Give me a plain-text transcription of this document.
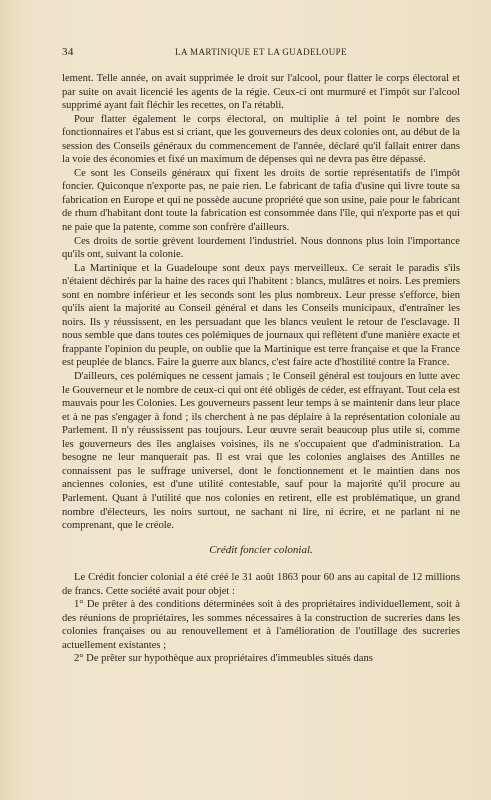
34	LA MARTINIQUE ET LA GUADELOUPE

lement. Telle année, on avait supprimée le droit sur l'alcool, pour flatter le corps électoral et par suite on avait licencié les agents de la régie. Ceux-ci ont murmuré et l'impôt sur l'alcool supprimé ayant fait fléchir les recettes, on l'a rétabli.

Pour flatter également le corps électoral, on multiplie à tel point le nombre des fonctionnaires et l'abus est si criant, que les gouverneurs des deux colonies ont, au début de la session des Conseils généraux du commencement de l'année, déclaré qu'il fallait entrer dans la voie des économies et fixé un maximum de dépenses qui ne devra pas être dépassé.

Ce sont les Conseils généraux qui fixent les droits de sortie représentatifs de l'impôt foncier. Quiconque n'exporte pas, ne paie rien. Le fabricant de tafia d'usine qui livre toute sa fabrication en Europe et qui ne possède aucune propriété que son usine, paie pour le fabricant de rhum d'habitant dont toute la fabrication est consommée dans l'île, qui n'exporte pas et qui ne paie que la patente, comme son confrère d'ailleurs.

Ces droits de sortie grèvent lourdement l'industriel. Nous donnons plus loin l'importance qu'ils ont, suivant la colonie.

La Martinique et la Guadeloupe sont deux pays merveilleux. Ce serait le paradis s'ils n'étaient déchirés par la haine des races qui l'habitent : blancs, mulâtres et noirs. Les premiers sont en nombre inférieur et les seconds sont les plus nombreux. Leur presse s'efforce, bien qu'ils aient la majorité au Conseil général et dans les Conseils municipaux, d'entraîner les noirs. Ils y réussissent, en les persuadant que les blancs veulent le retour de l'esclavage. Il nous semble que dans toutes ces polémiques de journaux qui reflètent d'une manière exacte et frappante l'opinion du peuple, on oublie que la Martinique est terre française et que la France est peuplée de blancs. Faire la guerre aux blancs, c'est faire acte d'hostilité contre la France.

D'ailleurs, ces polémiques ne cessent jamais ; le Conseil général est toujours en lutte avec le Gouverneur et le nombre de ceux-ci qui ont été obligés de céder, est effrayant. Tout cela est mauvais pour les Colonies. Les gouverneurs passent leur temps à se maintenir dans leur place et à ne pas s'engager à fond ; ils cherchent à ne pas déplaire à la représentation coloniale au Parlement. Il n'y réussissent pas toujours. Leur œuvre serait beaucoup plus utile si, comme les gouverneurs des îles anglaises voisines, ils ne s'occupaient que d'administration. La besogne ne leur manquerait pas. Il est vrai que les colonies anglaises des Antilles ne connaissent pas le suffrage universel, dont le fonctionnement et le maintien dans nos anciennes colonies, est d'une utilité contestable, sauf pour la majorité qu'il procure au Parlement. Quant à l'utilité que nos colonies en retirent, elle est problématique, un grand nombre d'électeurs, les noirs surtout, ne sachant ni lire, ni écrire, et ne parlant ni ne comprenant, que le créole.

Crédit foncier colonial.

Le Crédit foncier colonial a été créé le 31 août 1863 pour 60 ans au capital de 12 millions de francs. Cette société avait pour objet :

1° De prêter à des conditions déterminées soit à des propriétaires individuellement, soit à des réunions de propriétaires, les sommes nécessaires à la construction de sucreries dans les colonies françaises ou au renouvellement et à l'amélioration de l'outillage des sucreries actuellement existantes ;

2° De prêter sur hypothèque aux propriétaires d'immeubles situés dans
